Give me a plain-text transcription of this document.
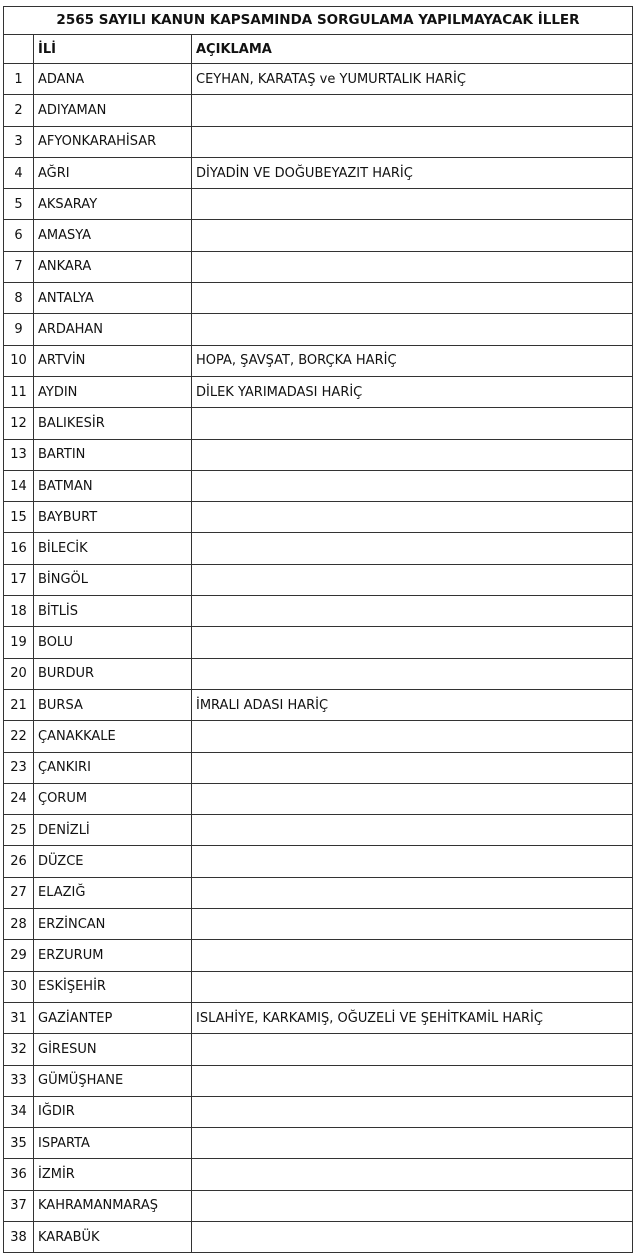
2565 SAYILI KANUN KAPSAMINDA SORGULAMA YAPILMAYACAK İLLER		
	İLİ	AÇIKLAMA
1	ADANA	CEYHAN, KARATAŞ ve YUMURTALIK HARİÇ
2	ADIYAMAN	
3	AFYONKARAHİSAR	
4	AĞRI	DİYADİN VE DOĞUBEYAZIT HARİÇ
5	AKSARAY	
6	AMASYA	
7	ANKARA	
8	ANTALYA	
9	ARDAHAN	
10	ARTVİN	HOPA, ŞAVŞAT, BORÇKA HARİÇ
11	AYDIN	DİLEK YARIMADASI HARİÇ
12	BALIKESİR	
13	BARTIN	
14	BATMAN	
15	BAYBURT	
16	BİLECİK	
17	BİNGÖL	
18	BİTLİS	
19	BOLU	
20	BURDUR	
21	BURSA	İMRALI ADASI HARİÇ
22	ÇANAKKALE	
23	ÇANKIRI	
24	ÇORUM	
25	DENİZLİ	
26	DÜZCE	
27	ELAZIĞ	
28	ERZİNCAN	
29	ERZURUM	
30	ESKİŞEHİR	
31	GAZİANTEP	ISLAHİYE, KARKAMIŞ, OĞUZELİ VE ŞEHİTKAMİL HARİÇ
32	GİRESUN	
33	GÜMÜŞHANE	
34	IĞDIR	
35	ISPARTA	
36	İZMİR	
37	KAHRAMANMARAŞ	
38	KARABÜK	
